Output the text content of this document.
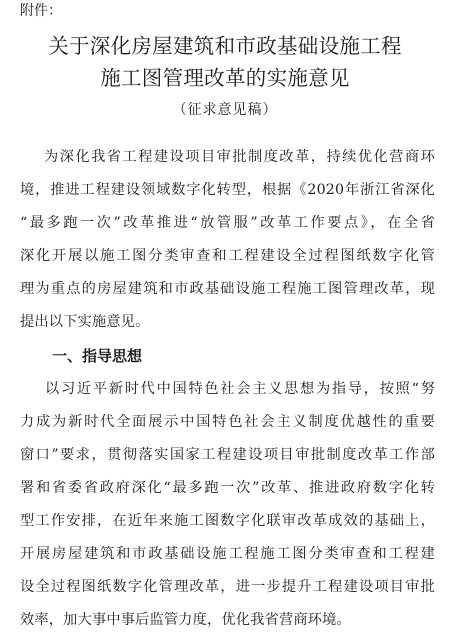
附件：
关于深化房屋建筑和市政基础设施工程
施工图管理改革的实施意见
（征求意见稿）
为深化我省工程建设项目审批制度改革，持续优化营商环
境，推进工程建设领域数字化转型，根据《2020年浙江省深化
“最多跑一次”改革推进“放管服”改革工作要点》，在全省
深化开展以施工图分类审查和工程建设全过程图纸数字化管
理为重点的房屋建筑和市政基础设施工程施工图管理改革，现
提出以下实施意见。
一、指导思想
以习近平新时代中国特色社会主义思想为指导，按照“努
力成为新时代全面展示中国特色社会主义制度优越性的重要
窗口”要求，贯彻落实国家工程建设项目审批制度改革工作部
署和省委省政府深化“最多跑一次”改革、推进政府数字化转
型工作安排，在近年来施工图数字化联审改革成效的基础上，
开展房屋建筑和市政基础设施工程施工图分类审查和工程建
设全过程图纸数字化管理改革，进一步提升工程建设项目审批
效率，加大事中事后监管力度，优化我省营商环境。
